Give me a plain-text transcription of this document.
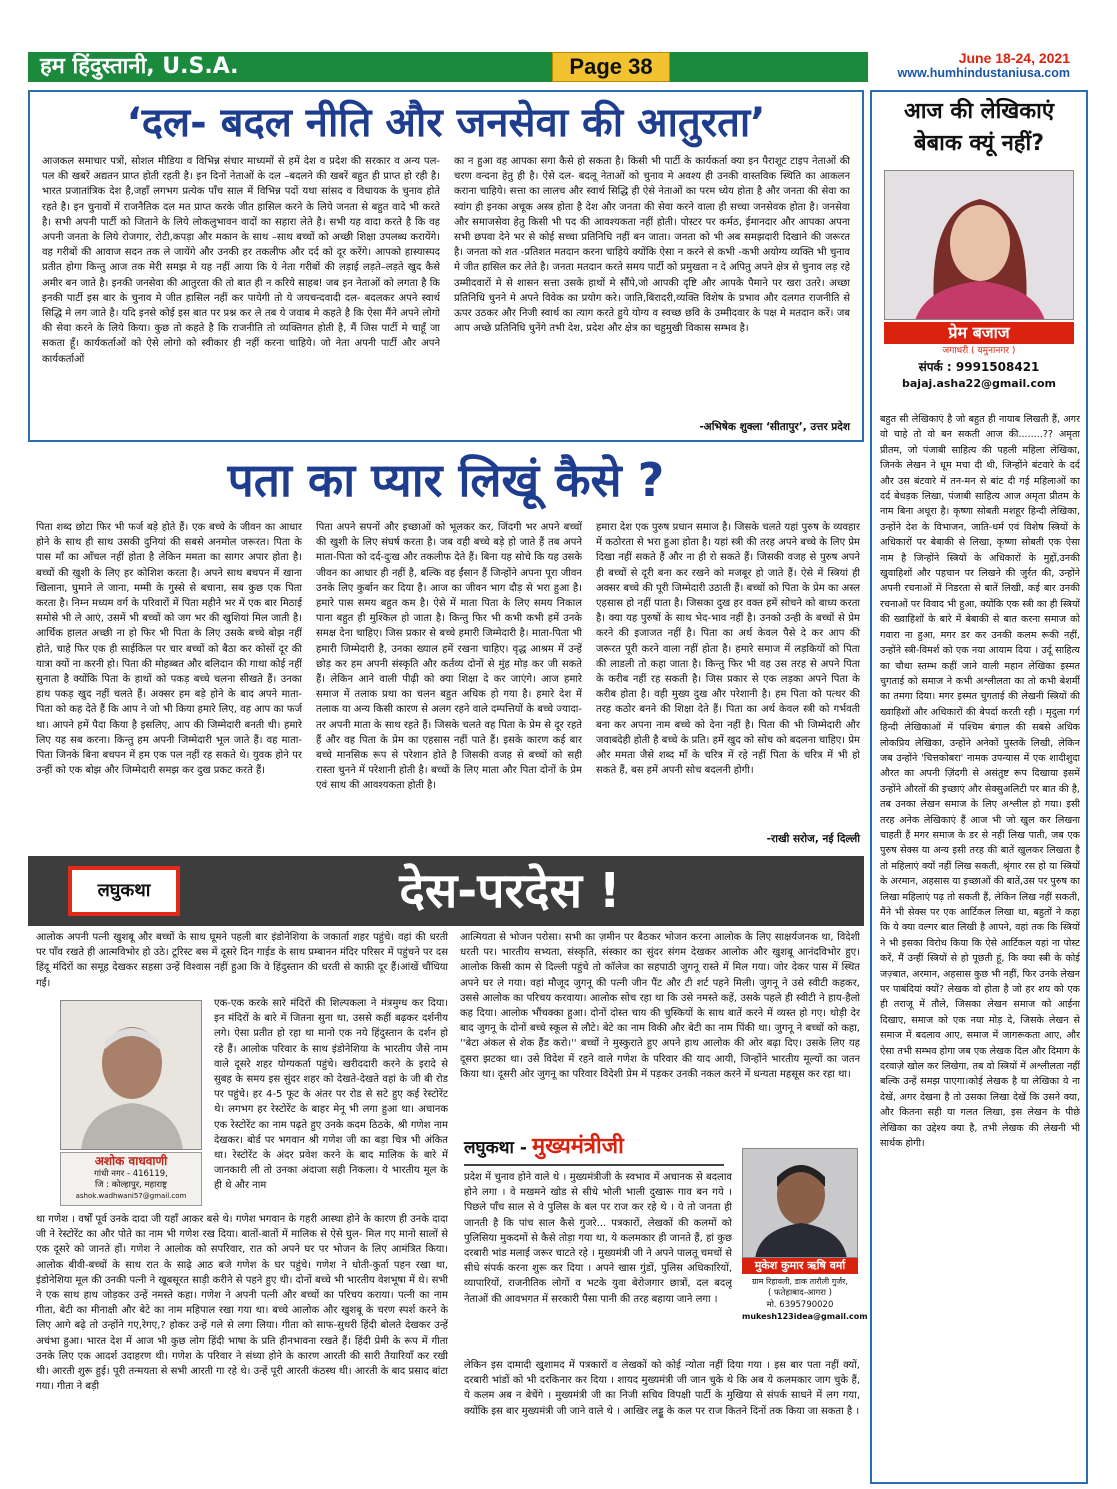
हम हिंदुस्तानी, U.S.A.	Page 38	June 18-24, 2021
www.humhindustaniusa.com
‘दल- बदल नीति और जनसेवा की आतुरता’
आजकल समाचार पत्रों, सोशल मीडिया व विभिन्न संचार माध्यमों से हमें देश व प्रदेश की सरकार व अन्य पल- पल की खबरें अद्यतन प्राप्त होती रहती है। इन दिनों नेताओं के दल –बदलने की खबरें बहुत ही प्राप्त हो रही है। भारत प्रजातांत्रिक देश है,जहाँ लगभग प्रत्येक पाँच साल में विभिन्न पदों यथा सांसद व विधायक के चुनाव होते रहते है। इन चुनावों में राजनैतिक दल मत प्राप्त करके जीत हासिल करने के लिये जनता से बहुत वादे भी करते है। सभी अपनी पार्टी को जिताने के लिये लोकलुभावन वादों का सहारा लेते है। सभी यह वादा करते है कि वह अपनी जनता के लिये रोजगार, रोटी,कपड़ा और मकान के साथ –साथ बच्चों को अच्छी शिक्षा उपलब्ध करायेंगे। वह गरीबों की आवाज सदन तक ले जायेंगे और उनकी हर तकलीफ और दर्द को दूर करेंगे। आपको हास्यास्पद प्रतीत होगा किन्तु आज तक मेरी समझ मे यह नहीं आया कि ये नेता गरीबों की लड़ाई लड़ते–लड़ते खुद कैसे अमीर बन जाते है। इनकी जनसेवा की आतुरता की तो बात ही न करिये साहब! जब इन नेताओं को लगता है कि इनकी पार्टी इस बार के चुनाव मे जीत हासिल नहीं कर पायेगी तो ये जयचन्दवादी दल- बदलकर अपने स्वार्थ सिद्धि मे लग जाते है। यदि इनसे कोई इस बात पर प्रश्न कर ले तब ये जवाब मे कहते है कि ऐसा मैंने अपने लोगो की सेवा करने के लिये किया। कुछ तो कहते है कि राजनीति तो व्यक्तिगत होती है, मैं जिस पार्टी मे चाहूँ जा सकता हूँ। कार्यकर्ताओं को ऐसे लोगो को स्वीकार ही नहीं करना चाहिये। जो नेता अपनी पार्टी और अपने कार्यकर्ताओं
का न हुआ वह आपका सगा कैसे हो सकता है। किसी भी पार्टी के कार्यकर्ता क्या इन पैराशूट टाइप नेताओं की चरण वन्दना हेतु ही है। ऐसे दल- बदलू नेताओं को चुनाव मे अवश्य ही उनकी वास्तविक स्थिति का आकलन कराना चाहिये। सत्ता का लालच और स्वार्थ सिद्धि ही ऐसे नेताओं का परम ध्येय होता है और जनता की सेवा का स्वांग ही इनका अचूक अस्त्र होता है देश और जनता की सेवा करने वाला ही सच्चा जनसेवक होता है। जनसेवा और समाजसेवा हेतु किसी भी पद की आवश्यकता नहीं होती। पोस्टर पर कर्मठ, ईमानदार और आपका अपना सभी छपवा देने भर से कोई सच्चा प्रतिनिधि नहीं बन जाता। जनता को भी अब समझदारी दिखाने की जरूरत है। जनता को शत -प्रतिशत मतदान करना चाहिये क्योंकि ऐसा न करने से कभी -कभी अयोग्य व्यक्ति भी चुनाव मे जीत हासिल कर लेते है। जनता मतदान करते समय पार्टी को प्रमुखता न दे अपितु अपने क्षेत्र से चुनाव लड़ रहे उम्मीदवारों मे से शासन सत्ता उसके हाथों मे सौंपे,जो आपकी दृष्टि और आपके पैमाने पर खरा उतरे। अच्छा प्रतिनिधि चुनने मे अपने विवेक का प्रयोग करे। जाति,बिरादरी,व्यक्ति विशेष के प्रभाव और दलगत राजनीति से ऊपर उठकर और निजी स्वार्थ का त्याग करते हुये योग्य व स्वच्छ छवि के उम्मीदवार के पक्ष मे मतदान करें। जब आप अच्छे प्रतिनिधि चुनेंगे तभी देश, प्रदेश और क्षेत्र का चहुमुखी विकास सम्भव है।
-अभिषेक शुक्ला ‘सीतापुर’, उत्तर प्रदेश
पता का प्यार लिखूं कैसे ?
पिता शब्द छोटा फिर भी फर्ज बड़े होते हैं। एक बच्चे के जीवन का आधार होने के साथ ही साथ उसकी दुनियां की सबसे अनमोल जरूरत। पिता के पास माँ का आँचल नहीं होता है लेकिन ममता का सागर अपार होता है। बच्चों की खुशी के लिए हर कोशिश करता है। अपने साथ बचपन में खाना खिलाना, घुमाने ले जाना, मम्मी के गुस्से से बचाना, सब कुछ एक पिता करता है। निम्न मध्यम वर्ग के परिवारों में पिता महीने भर में एक बार मिठाई समोसे भी ले आएं, उसमें भी बच्चों को जग भर की खुशियां मिल जाती है। आर्थिक हालत अच्छी ना हो फिर भी पिता के लिए उसके बच्चे बोझ नहीं होते, चाहे फिर एक ही साईकिल पर चार बच्चों को बैठा कर कोसों दूर की यात्रा क्यों ना करनी हो। पिता की मोहब्बत और बलिदान की गाथा कोई नहीं सुनाता है क्योंकि पिता के हाथों को पकड़ बच्चे चलना सीखते हैं। उनका हाथ पकड़ खुद नहीं चलते हैं। अक्सर हम बड़े होने के बाद अपने माता-पिता को कह देते हैं कि आप ने जो भी किया हमारे लिए, वह आप का फर्ज था। आपने हमें पैदा किया है इसलिए, आप की जिम्मेदारी बनती थी। हमारे लिए यह सब करना। किन्तु हम अपनी जिम्मेदारी भूल जाते हैं। वह माता-पिता जिनके बिना बचपन में हम एक पल नहीं रह सकते थे। युवक होने पर उन्हीं को एक बोझ और जिम्मेदारी समझ कर दुख प्रकट करते हैं।
पिता अपने सपनों और इच्छाओं को भूलकर कर, जिंदगी भर अपने बच्चों की खुशी के लिए संघर्ष करता है। जब वही बच्चे बड़े हो जाते हैं तब अपने माता-पिता को दर्द-दुःख और तकलीफ देते हैं। बिना यह सोचे कि यह उसके जीवन का आधार ही नहीं है, बल्कि वह ईंसान हैं जिन्होंने अपना पूरा जीवन उनके लिए कुर्बान कर दिया है। आज का जीवन भाग दौड़ से भरा हुआ है। हमारे पास समय बहुत कम है। ऐसे में माता पिता के लिए समय निकाल पाना बहुत ही मुश्किल हो जाता है। किन्तु फिर भी कभी कभी हमें उनके समक्ष देना चाहिए। जिस प्रकार से बच्चे हमारी जिम्मेदारी है। माता-पिता भी हमारी जिम्मेदारी है, उनका ख्याल हमें रखना चाहिए। वृद्ध आश्रम में उन्हें छोड़ कर हम अपनी संस्कृति और कर्तव्य दोनों से मुंह मोड़ कर जी सकते हैं। लेकिन आने वाली पीढ़ी को क्या शिक्षा दे कर जाएंगे। आज हमारे समाज में तलाक प्रथा का चलन बहुत अधिक हो गया है। हमारे देश में तलाक या अन्य किसी कारण से अलग रहने वाले दम्पत्तियों के बच्चे ज्यादा-तर अपनी माता के साथ रहते हैं। जिसके चलते वह पिता के प्रेम से दूर रहते हैं और वह पिता के प्रेम का एहसास नहीं पाते हैं। इसके कारण कई बार बच्चे मानसिक रूप से परेशान होते है जिसकी वजह से बच्चों को सही रास्ता चुनने में परेशानी होती है। बच्चों के लिए माता और पिता दोनों के प्रेम एवं साथ की आवश्यकता होती है।
हमारा देश एक पुरुष प्रधान समाज है। जिसके चलते यहां पुरुष के व्यवहार में कठोरता से भरा हुआ होता है। यहां स्त्री की तरह अपने बच्चे के लिए प्रेम दिखा नहीं सकते हैं और ना ही रो सकते हैं। जिसकी वजह से पुरुष अपने ही बच्चों से दूरी बना कर रखने को मजबूर हो जाते हैं। ऐसे में स्त्रियां ही अक्सर बच्चे की पूरी जिम्मेदारी उठाती हैं। बच्चों को पिता के प्रेम का अस्ल एहसास हो नहीं पाता है। जिसका दुख हर वक्त हमें सोचने को बाध्य करता है। क्या यह पुरुषों के साथ भेद-भाव नहीं है। उनको उन्ही के बच्चों से प्रेम करने की इजाजत नहीं है। पिता का अर्थ केवल पैसे दे कर आप की जरूरत पूरी करने वाला नहीं होता है। हमारे समाज में लड़कियों को पिता की लाडली तो कहा जाता है। किन्तु फिर भी वह उस तरह से अपने पिता के करीब नहीं रह सकती है। जिस प्रकार से एक लड़का अपने पिता के करीब होता है। वही मुख्य दुख और परेशानी है। हम पिता को पत्थर की तरह कठोर बनने की शिक्षा देते हैं। पिता का अर्थ केवल स्त्री को गर्भवती बना कर अपना नाम बच्चे को देना नहीं है। पिता की भी जिम्मेदारी और जवाबदेही होती है बच्चे के प्रति। हमें खुद को सोच को बदलना चाहिए। प्रेम और ममता जैसे शब्द माँ के चरित्र में रहे नहीं पिता के चरित्र में भी हो सकते हैं, बस हमें अपनी सोच बदलनी होगी।
-राखी सरोज, नई दिल्ली
लघुकथा	देस-परदेस !
आलोक अपनी पत्नी खुशबू और बच्चों के साथ घूमने पहली बार इंडोनेशिया के जकार्ता शहर पहुंचे। वहां की धरती पर पाँव रखते ही आत्मविभोर हो उठे। टूरिस्ट बस में दूसरे दिन गाईड के साथ प्रम्बानन मंदिर परिसर में पहुंचने पर दस हिंदू मंदिरों का समूह देखकर सहसा उन्हें विश्वास नहीं हुआ कि वे हिंदुस्तान की धरती से काफ़ी दूर हैं।आंखें चौंधिया गईं।
अशोक वाधवाणी
गांधी नगर - 416119,
जि : कोल्हापुर, महाराष्ट्र
ashok.wadhwani57@gmail.com
एक-एक करके सारे मंदिरों की शिल्पकला ने मंत्रमुग्ध कर दिया। इन मंदिरों के बारे में जितना सुना था, उससे कहीं बढ़कर दर्शनीय लगे। ऐसा प्रतीत हो रहा था मानो एक नये हिंदुस्तान के दर्शन हो रहे हैं। आलोक परिवार के साथ इंडोनेशिया के भारतीय जैसे नाम वाले दूसरे शहर योग्यकर्ता पहुंचे। खरीददारी करने के इरादे से सुबह के समय इस सुंदर शहर को देखते-देखते वहां के जी बी रोड पर पहुंचे। हर 4-5 फूट के अंतर पर रोड से सटे हुए कई रेस्टोरेंट थे। लगभग हर रेस्टोरेंट के बाहर मेनू भी लगा हुआ था। अचानक एक रेस्टोरेंट का नाम पढ़ते हुए उनके कदम ठिठके, श्री गणेश नाम देखकर। बोर्ड पर भगवान श्री गणेश जी का बड़ा चित्र भी अंकित था। रेस्टोरेंट के अंदर प्रवेश करने के बाद मालिक के बारे में जानकारी ली तो उनका अंदाजा सही निकला। ये भारतीय मूल के ही थे और नाम
था गणेश । वर्षों पूर्व उनके दादा जी यहाँ आकर बसे थे। गणेश भगवान के गहरी आस्था होने के कारण ही उनके दादा जी ने रेस्टोरेंट का और पोते का नाम भी गणेश रख दिया। बातों-बातों में मालिक से ऐसे घुल- मिल गए मानो सालों से एक दूसरे को जानते हों। गणेश ने आलोक को सपरिवार, रात को अपने घर पर भोजन के लिए आमंत्रित किया। आलोक बीवी-बच्चों के साथ रात के साढ़े आठ बजे गणेश के घर पहुंचे। गणेश ने धोती-कुर्ता पहन रखा था, इंडोनेशिया मूल की उनकी पत्नी ने खूबसूरत साड़ी करीने से पहने हुए थी। दोनों बच्चे भी भारतीय वेशभूषा में थे। सभी ने एक साथ हाथ जोड़कर उन्हें नमस्ते कहा। गणेश ने अपनी पत्नी और बच्चों का परिचय कराया। पत्नी का नाम गीता, बेटी का मीनाक्षी और बेटे का नाम महिपाल रखा गया था। बच्चे आलोक और खुशबू के चरण स्पर्श करने के लिए आगे बढ़े तो उन्होंने गए,रेगए,? होकर उन्हें गले से लगा लिया। गीता को साफ-सुथरी हिंदी बोलते देखकर उन्हें अचंभा हुआ। भारत देश में आज भी कुछ लोग हिंदी भाषा के प्रति हीनभावना रखते हैं। हिंदी प्रेमी के रूप में गीता उनके लिए एक आदर्श उदाहरण थी। गणेश के परिवार ने संध्या होने के कारण आरती की सारी तैयारियाँ कर रखी थी। आरती शुरू हुई। पूरी तन्मयता से सभी आरती गा रहे थे। उन्हें पूरी आरती कंठस्थ थी। आरती के बाद प्रसाद बांटा गया। गीता ने बड़ी
आत्मियता से भोजन परोसा। सभी का ज़मीन पर बैठकर भोजन करना आलोक के लिए साक्षर्यजनक था, विदेशी धरती पर। भारतीय सभ्यता, संस्कृति, संस्कार का सुंदर संगम देखकर आलोक और खुशबू आनंदविभोर हुए। आलोक किसी काम से दिल्ली पहुंचे तो कॉलेज का सहपाठी जुगनू रास्ते में मिल गया। जोर देकर पास में स्थित अपने घर ले गया। वहां मौजूद जुगनू की पत्नी जीन पैंट और टी शर्ट पहने मिली। जुगनू ने उसे स्वीटी कहकर, उससे आलोक का परिचय करवाया। आलोक सोच रहा था कि उसे नमस्ते कहें, उसके पहले ही स्वीटी ने हाय-हैलो कह दिया। आलोक भौंचक्का हुआ। दोनों दोस्त चाय की चुस्कियों के साथ बातें करने में व्यस्त हो गए। थोड़ी देर बाद जुगनू के दोनों बच्चे स्कूल से लौटे। बेटे का नाम विकी और बेटी का नाम पिंकी था। जुगनू ने बच्चों को कहा, ''बेटा अंकल से शेक हैंड करो।'' बच्चों ने मुस्कुराते हुए अपने हाथ आलोक की ओर बढ़ा दिए। उसके लिए यह दूसरा झटका था। उसे विदेश में रहने वाले गणेश के परिवार की याद आयी, जिन्होंने भारतीय मूल्यों का जतन किया था। दूसरी ओर जुगनू का परिवार विदेशी प्रेम में पड़कर उनकी नकल करने में धन्यता महसूस कर रहा था।
लघुकथा - मुख्यमंत्रीजी
प्रदेश में चुनाव होने वाले थे । मुख्यमंत्रीजी के स्वभाव में अचानक से बदलाव होने लगा । वे मखमने खोड से सीधे भोली भाली दुखारू गाव बन गये । पिछले पाँच साल से वे पुलिस के बल पर राज कर रहे थे । ये तो जनता ही जानती है कि पांच साल कैसे गुजरे... पत्रकारों, लेखकों की कलमों को पुलिसिया मुकदमों से कैसे तोड़ा गया था, ये कलमकार ही जानते हैं, हां कुछ दरबारी भांड मलाई जरूर चाटते रहे । मुख्यमंत्री जी ने अपने पालतू चमचों से सीधे संपर्क करना शुरू कर दिया । अपने खास गुंडों, पुलिस अधिकारियों, व्यापारियों, राजनीतिक लोगों व भटके युवा बेरोजगार छात्रों, दल बदलू नेताओं की आवभगत में सरकारी पैसा पानी की तरह बहाया जाने लगा ।
मुकेश कुमार ऋषि वर्मा
ग्राम रिहावली, डाक तारौली गुर्जर,
( फतेहाबाद-आगरा )
मो. 6395790020
mukesh123idea@gmail.com
लेकिन इस दामादी खुशामद में पत्रकारों व लेखकों को कोई न्योता नहीं दिया गया । इस बार पता नहीं क्यों, दरबारी भांडों को भी दरकिनार कर दिया । शायद मुख्यमंत्री जी जान चुके थे कि अब ये कलमकार जाग चुके हैं, ये कलम अब न बेचेंगे । मुख्यमंत्री जी का निजी सचिव विपक्षी पार्टी के मुखिया से संपर्क साधने में लग गया, क्योंकि इस बार मुख्यमंत्री जी जाने वाले थे । आखिर लड्डू के कल पर राज कितने दिनों तक किया जा सकता है ।
आज की लेखिकाएं
बेबाक क्यूं नहीं?
प्रेम बजाज
जगाधरी ( यमुनानगर )
संपर्क : 9991508421
bajaj.asha22@gmail.com
बहुत सी लेखिकाएं है जो बहुत ही नायाब लिखती हैं, अगर वो चाहे तो वो बन सकती आज की........?? अमृता प्रीतम, जो पंजाबी साहित्य की पहली महिला लेखिका, जिनके लेखन ने धूम मचा दी थी, जिन्होंने बंटवारे के दर्द और उस बंटवारे में तन-मन से बांट दी गई महिलाओं का दर्द बेधड़क लिखा, पंजाबी साहित्य आज अमृता प्रीतम के नाम बिना अधूरा है। कृष्णा सोबती मशहूर हिन्दी लेखिका, उन्होंने देश के विभाजन, जाति-धर्म एवं विशेष स्त्रियों के अधिकारों पर बेबाकी से लिखा, कृष्णा सोबती एक ऐसा नाम है जिन्होंने स्त्रियों के अधिकारों के मुद्दों,उनकी खुवाहिशों और पहचान पर लिखने की जुर्रत की, उन्होंने अपनी रचनाओं में निडरता से बातें लिखी, कई बार उनकी रचनाओं पर विवाद भी हुआ, क्योंकि एक स्त्री का ही स्त्रियों की ख्वाहिशों के बारे में बेबाकी से बात करना समाज को गवारा ना हुआ, मगर डर कर उनकी कलम रूकी नहीं, उन्होंने स्त्री-विमर्श को एक नया आयाम दिया । उर्दू साहित्य का चौथा स्तम्भ कहीं जाने वाली महान लेखिका इस्मत चुगताई को समाज ने कभी अश्लीलता का तो कभी बेशर्मी का तमगा दिया। मगर इस्मत चुगताई की लेखनी स्त्रियों की ख्वाहिशों और अधिकारों की बेपर्दा करती रही । मृदुला गर्ग हिन्दी लेखिकाओं में पश्चिम बंगाल की सबसे अधिक लोकप्रिय लेखिका, उन्होंने अनेकों पुस्तकें लिखी, लेकिन जब उन्होंने 'चित्तकोबरा' नामक उपन्यास में एक शादीशुदा औरत का अपनी ज़िंदगी से असंतुष्ट रूप दिखाया इसमें उन्होंने औरतों की इच्छाएं और सेक्सुअलिटी पर बात की है, तब उनका लेखन समाज के लिए अश्लील हो गया। इसी तरह अनेक लेखिकाएं हैं आज भी जो खुल कर लिखना चाहती हैं मगर समाज के डर से नहीं लिख पाती, जब एक पुरुष सेक्स या अन्य इसी तरह की बातें खुलकर लिखता है तो महिलाएं क्यों नहीं लिख सकती, श्रृंगार रस हो या स्त्रियों के अरमान, अहसास या इच्छाओं की बातें,उस पर पुरुष का लिखा महिलाएं पढ़ तो सकती हैं, लेकिन लिख नहीं सकती, मैंने भी सेक्स पर एक आर्टिकल लिखा था, बहुतों ने कहा कि ये क्या वल्गर बात लिखी है आपने, वहां तक कि स्त्रियों ने भी इसका विरोध किया कि ऐसे आर्टिकल यहां ना पोस्ट करें, मैं उन्हीं स्त्रियों से हो पूछती हूं, कि क्या स्त्री के कोई जज़्बात, अरमान, अहसास कुछ भी नहीं, फिर उनके लेखन पर पाबंदियां क्यों? लेखक वो होता है जो हर शय को एक ही तराजू में तौले, जिसका लेखन समाज को आईना दिखाए, समाज को एक नया मोड़ दे, जिसके लेखन से समाज में बदलाव आए, समाज में जागरूकता आए, और ऐसा तभी सम्भव होगा जब एक लेखक दिल और दिमाग के दरवाज़े खोल कर लिखेगा, तब वो स्त्रियों में अश्लीलता नहीं बल्कि उन्हें समझ पाएगा।कोई लेखक है या लेखिका ये ना देखें, अगर देखना है तो उसका लिखा देखें कि उसने क्या, और कितना सही या गलत लिखा, इस लेखन के पीछे लेखिका का उद्देश्य क्या है, तभी लेखक की लेखनी भी सार्थक होगी।
